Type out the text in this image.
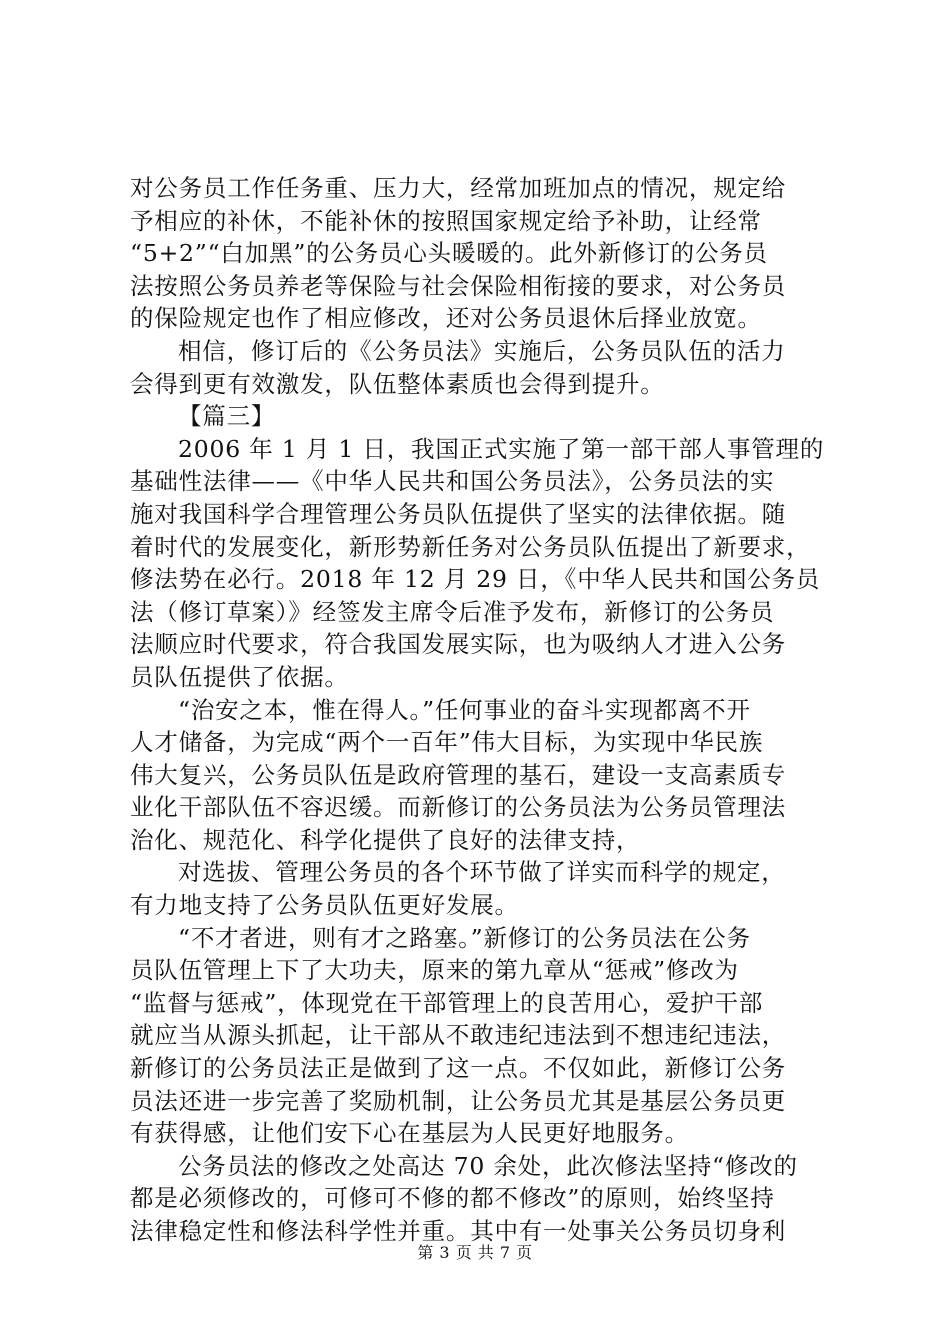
对公务员工作任务重、压力大，经常加班加点的情况，规定给
予相应的补休，不能补休的按照国家规定给予补助，让经常
“5+2”“白加黑”的公务员心头暖暖的。此外新修订的公务员
法按照公务员养老等保险与社会保险相衔接的要求，对公务员
的保险规定也作了相应修改，还对公务员退休后择业放宽。
相信，修订后的《公务员法》实施后，公务员队伍的活力
会得到更有效激发，队伍整体素质也会得到提升。
【篇三】
2006 年 1 月 1 日，我国正式实施了第一部干部人事管理的
基础性法律——《中华人民共和国公务员法》，公务员法的实
施对我国科学合理管理公务员队伍提供了坚实的法律依据。随
着时代的发展变化，新形势新任务对公务员队伍提出了新要求，
修法势在必行。2018 年 12 月 29 日，《中华人民共和国公务员
法（修订草案）》经签发主席令后准予发布，新修订的公务员
法顺应时代要求，符合我国发展实际，也为吸纳人才进入公务
员队伍提供了依据。
“治安之本，惟在得人。”任何事业的奋斗实现都离不开
人才储备，为完成“两个一百年”伟大目标，为实现中华民族
伟大复兴，公务员队伍是政府管理的基石，建设一支高素质专
业化干部队伍不容迟缓。而新修订的公务员法为公务员管理法
治化、规范化、科学化提供了良好的法律支持，
对选拔、管理公务员的各个环节做了详实而科学的规定，
有力地支持了公务员队伍更好发展。
“不才者进，则有才之路塞。”新修订的公务员法在公务
员队伍管理上下了大功夫，原来的第九章从“惩戒”修改为
“监督与惩戒”，体现党在干部管理上的良苦用心，爱护干部
就应当从源头抓起，让干部从不敢违纪违法到不想违纪违法，
新修订的公务员法正是做到了这一点。不仅如此，新修订公务
员法还进一步完善了奖励机制，让公务员尤其是基层公务员更
有获得感，让他们安下心在基层为人民更好地服务。
公务员法的修改之处高达 70 余处，此次修法坚持“修改的
都是必须修改的，可修可不修的都不修改”的原则，始终坚持
法律稳定性和修法科学性并重。其中有一处事关公务员切身利
第 3 页 共 7 页
